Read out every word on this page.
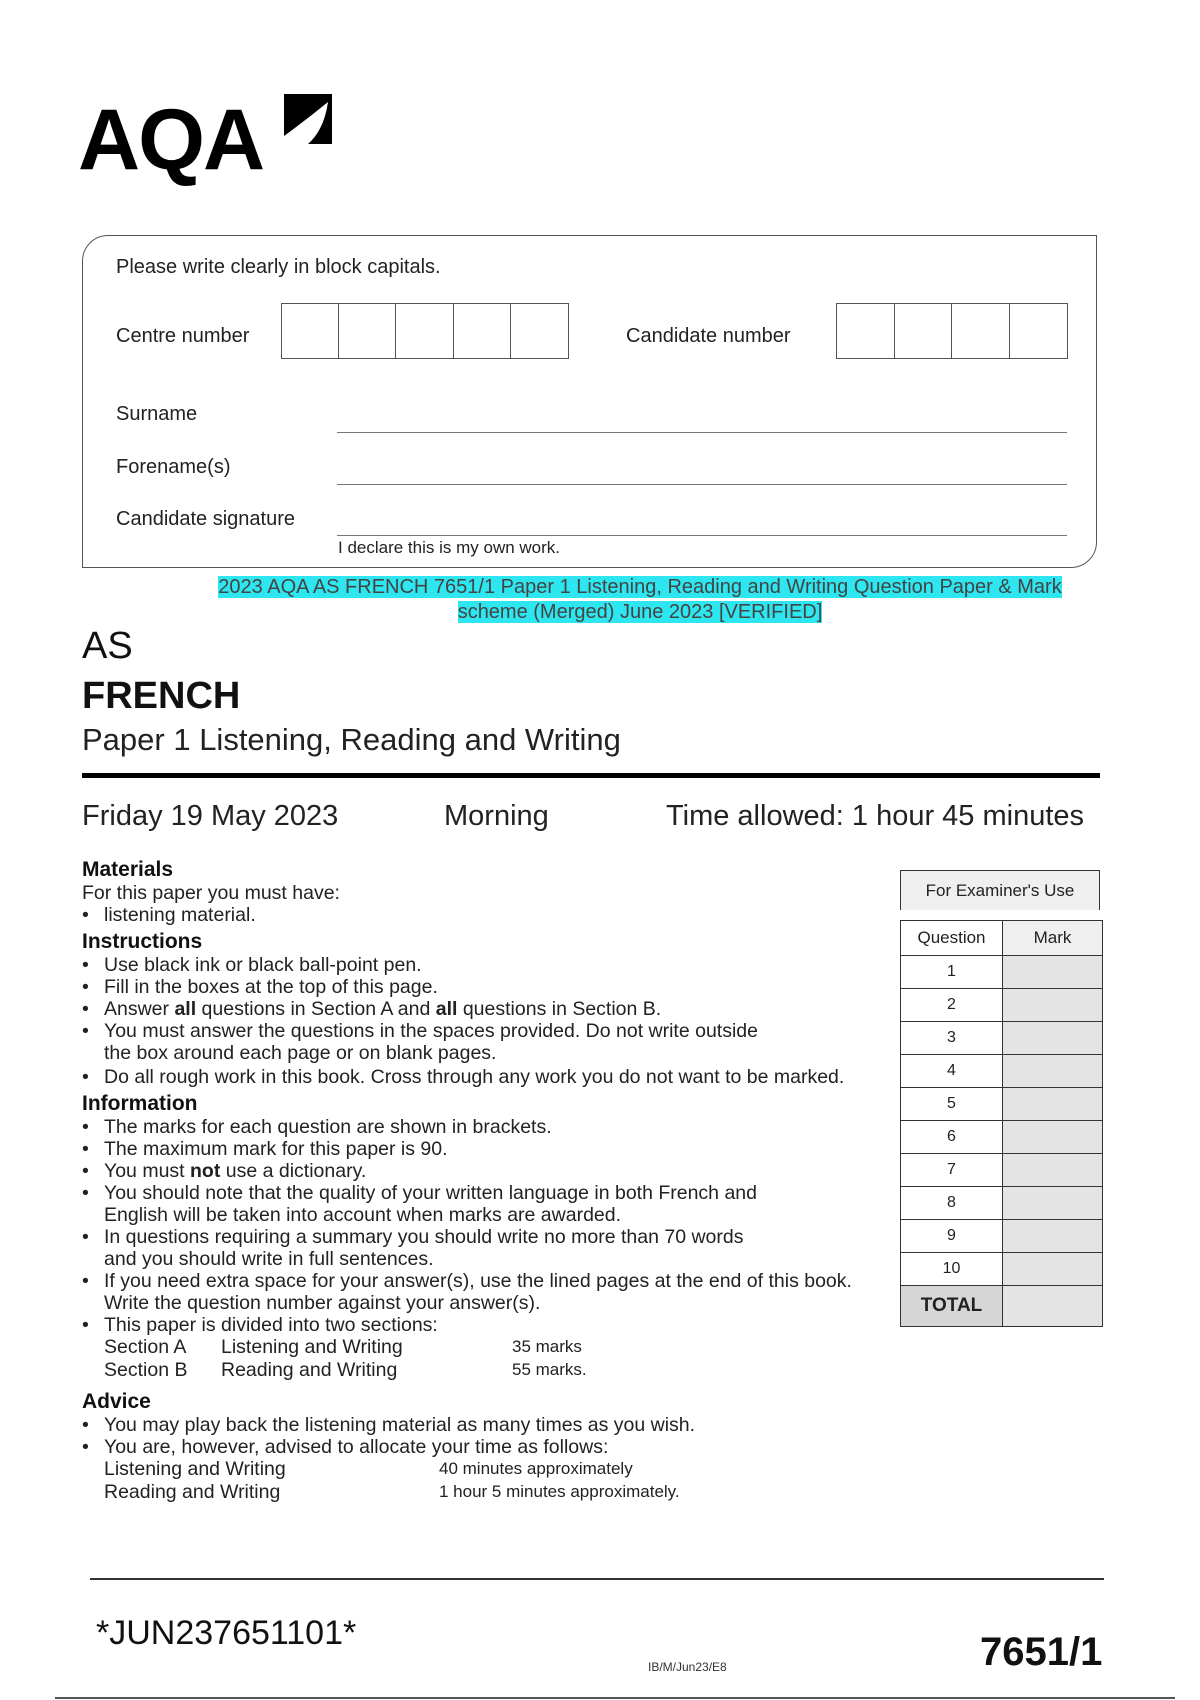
AQA
Please write clearly in block capitals.
Centre number	Candidate number
Surname
Forename(s)
Candidate signature
I declare this is my own work.
2023 AQA AS FRENCH 7651/1 Paper 1 Listening, Reading and Writing Question Paper & Mark
scheme (Merged) June 2023 [VERIFIED]
AS
FRENCH
Paper 1 Listening, Reading and Writing
Friday 19 May 2023	Morning	Time allowed: 1 hour 45 minutes
Materials
For this paper you must have:
• listening material.
Instructions
• Use black ink or black ball-point pen.
• Fill in the boxes at the top of this page.
• Answer all questions in Section A and all questions in Section B.
• You must answer the questions in the spaces provided. Do not write outside the box around each page or on blank pages.
• Do all rough work in this book. Cross through any work you do not want to be marked.
Information
• The marks for each question are shown in brackets.
• The maximum mark for this paper is 90.
• You must not use a dictionary.
• You should note that the quality of your written language in both French and English will be taken into account when marks are awarded.
• In questions requiring a summary you should write no more than 70 words and you should write in full sentences.
• If you need extra space for your answer(s), use the lined pages at the end of this book. Write the question number against your answer(s).
• This paper is divided into two sections:
Section A Listening and Writing	35 marks
Section B Reading and Writing	55 marks.
Advice
• You may play back the listening material as many times as you wish.
• You are, however, advised to allocate your time as follows:
Listening and Writing	40 minutes approximately
Reading and Writing	1 hour 5 minutes approximately.
For Examiner's Use
Question	Mark
1	
2	
3	
4	
5	
6	
7	
8	
9	
10	
TOTAL	
*JUN237651101*
IB/M/Jun23/E8	7651/1
